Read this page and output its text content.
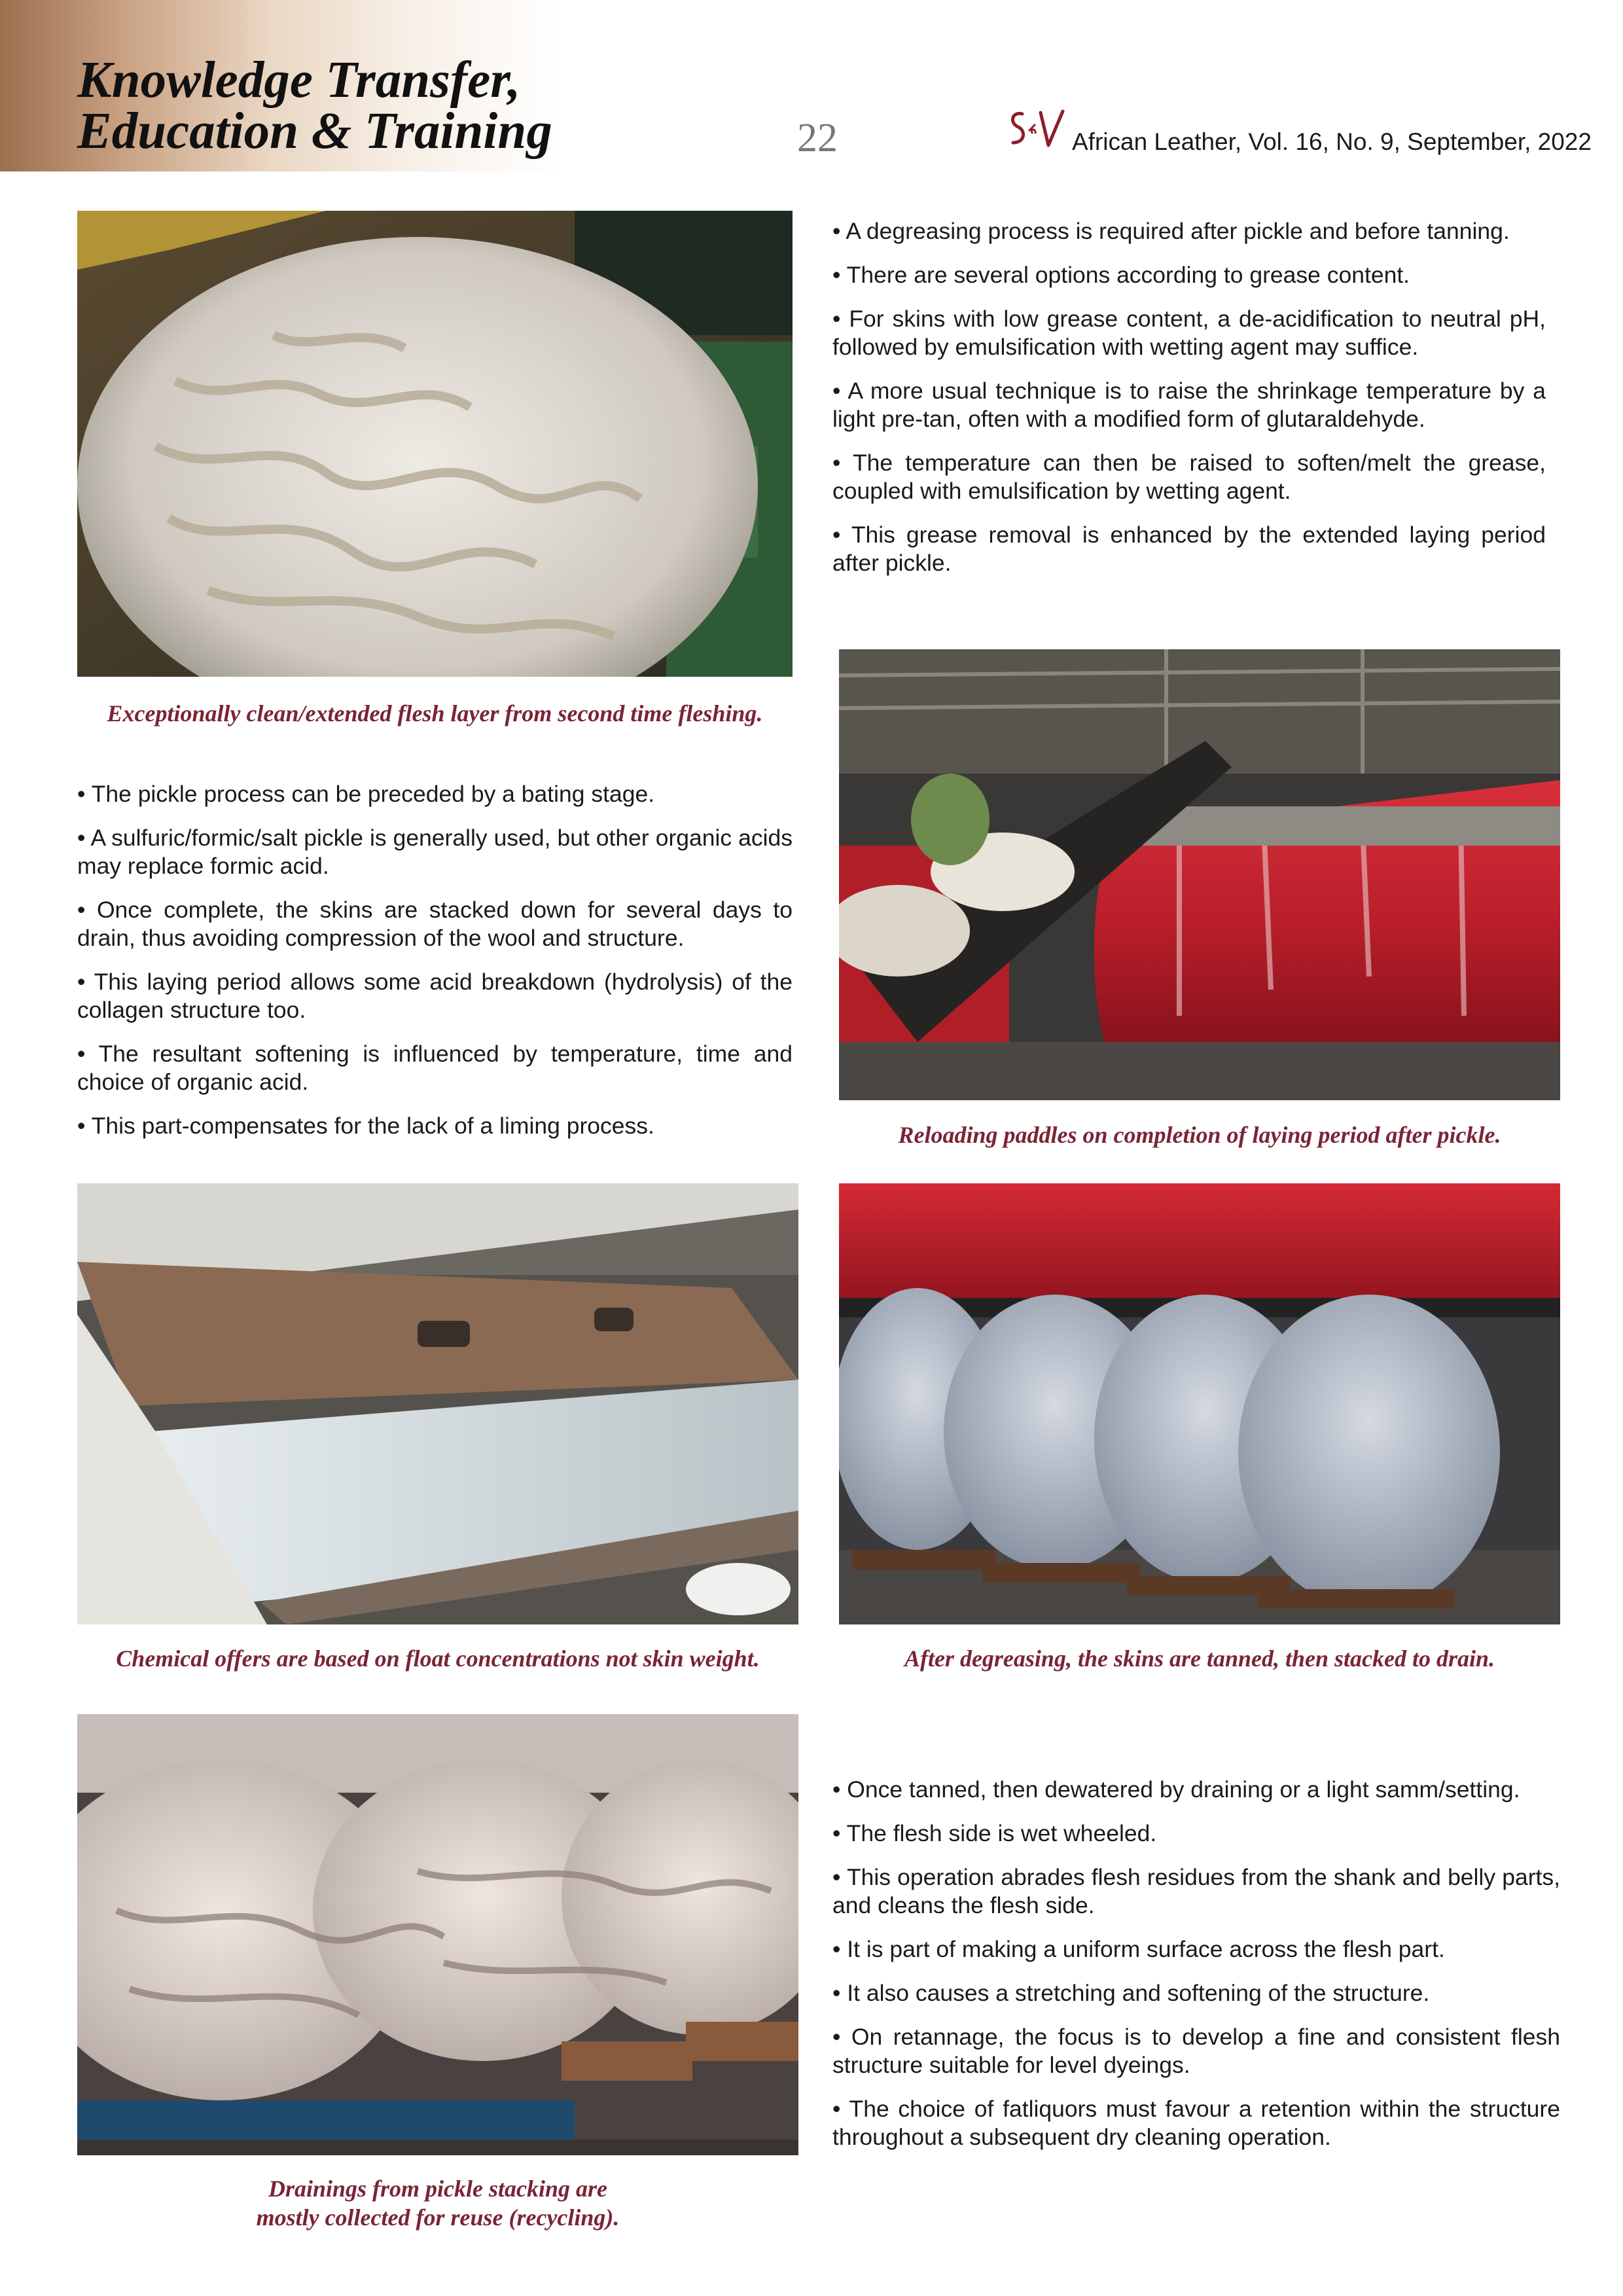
Knowledge Transfer,
Education & Training	22	African Leather, Vol. 16, No. 9, September, 2022

Exceptionally clean/extended flesh layer from second time fleshing.

• A degreasing process is required after pickle and before tanning.
• There are several options according to grease content.
• For skins with low grease content, a de-acidification to neutral pH, followed by emulsification with wetting agent may suffice.
• A more usual technique is to raise the shrinkage temperature by a light pre-tan, often with a modified form of glutaraldehyde.
• The temperature can then be raised to soften/melt the grease, coupled with emulsification by wetting agent.
• This grease removal is enhanced by the extended laying period after pickle.

Reloading paddles on completion of laying period after pickle.

• The pickle process can be preceded by a bating stage.
• A sulfuric/formic/salt pickle is generally used, but other organic acids may replace formic acid.
• Once complete, the skins are stacked down for several days to drain, thus avoiding compression of the wool and structure.
• This laying period allows some acid breakdown (hydrolysis) of the collagen structure too.
• The resultant softening is influenced by temperature, time and choice of organic acid.
• This part-compensates for the lack of a liming process.

Chemical offers are based on float concentrations not skin weight.	After degreasing, the skins are tanned, then stacked to drain.

Drainings from pickle stacking are
mostly collected for reuse (recycling).

• Once tanned, then dewatered by draining or a light samm/setting.
• The flesh side is wet wheeled.
• This operation abrades flesh residues from the shank and belly parts, and cleans the flesh side.
• It is part of making a uniform surface across the flesh part.
• It also causes a stretching and softening of the structure.
• On retannage, the focus is to develop a fine and consistent flesh structure suitable for level dyeings.
• The choice of fatliquors must favour a retention within the structure throughout a subsequent dry cleaning operation.
